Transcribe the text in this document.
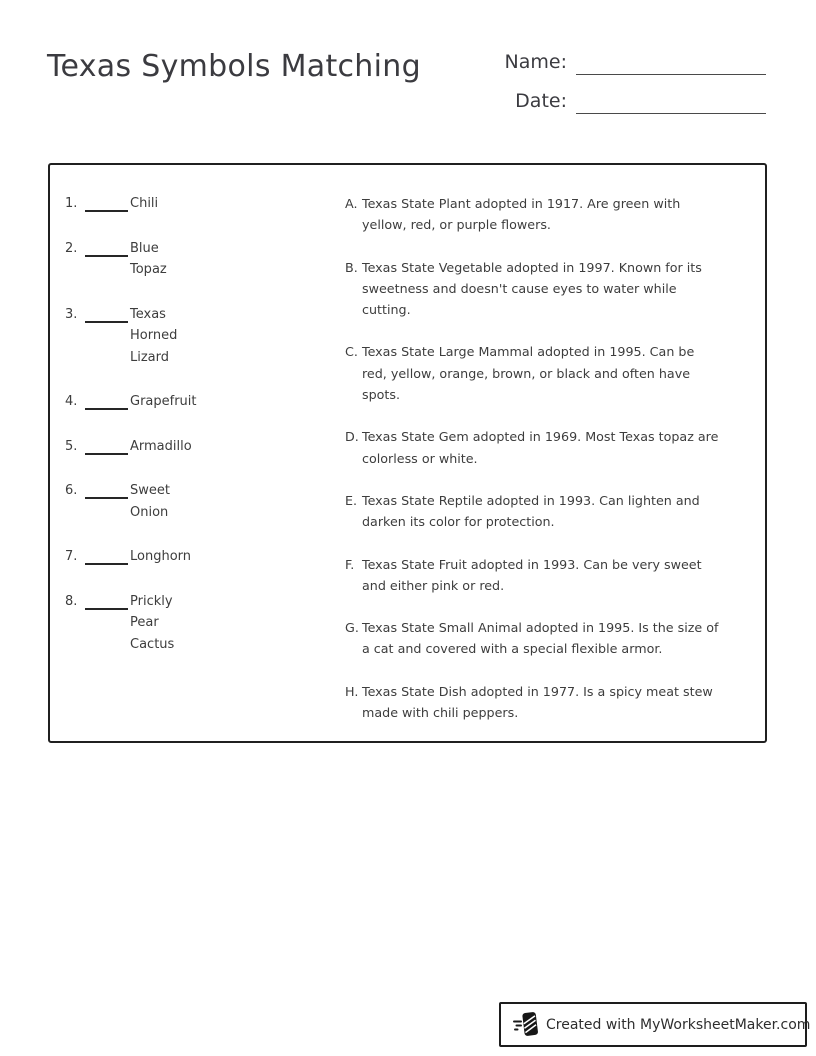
Texas Symbols Matching	Name:
Date:
1.	Chili
2.	Blue
Topaz
3.	Texas
Horned
Lizard
4.	Grapefruit
5.	Armadillo
6.	Sweet
Onion
7.	Longhorn
8.	Prickly
Pear
Cactus
A. Texas State Plant adopted in 1917. Are green with
yellow, red, or purple flowers.
B. Texas State Vegetable adopted in 1997. Known for its
sweetness and doesn't cause eyes to water while
cutting.
C. Texas State Large Mammal adopted in 1995. Can be
red, yellow, orange, brown, or black and often have
spots.
D. Texas State Gem adopted in 1969. Most Texas topaz are
colorless or white.
E. Texas State Reptile adopted in 1993. Can lighten and
darken its color for protection.
F. Texas State Fruit adopted in 1993. Can be very sweet
and either pink or red.
G. Texas State Small Animal adopted in 1995. Is the size of
a cat and covered with a special flexible armor.
H. Texas State Dish adopted in 1977. Is a spicy meat stew
made with chili peppers.
Created with MyWorksheetMaker.com
